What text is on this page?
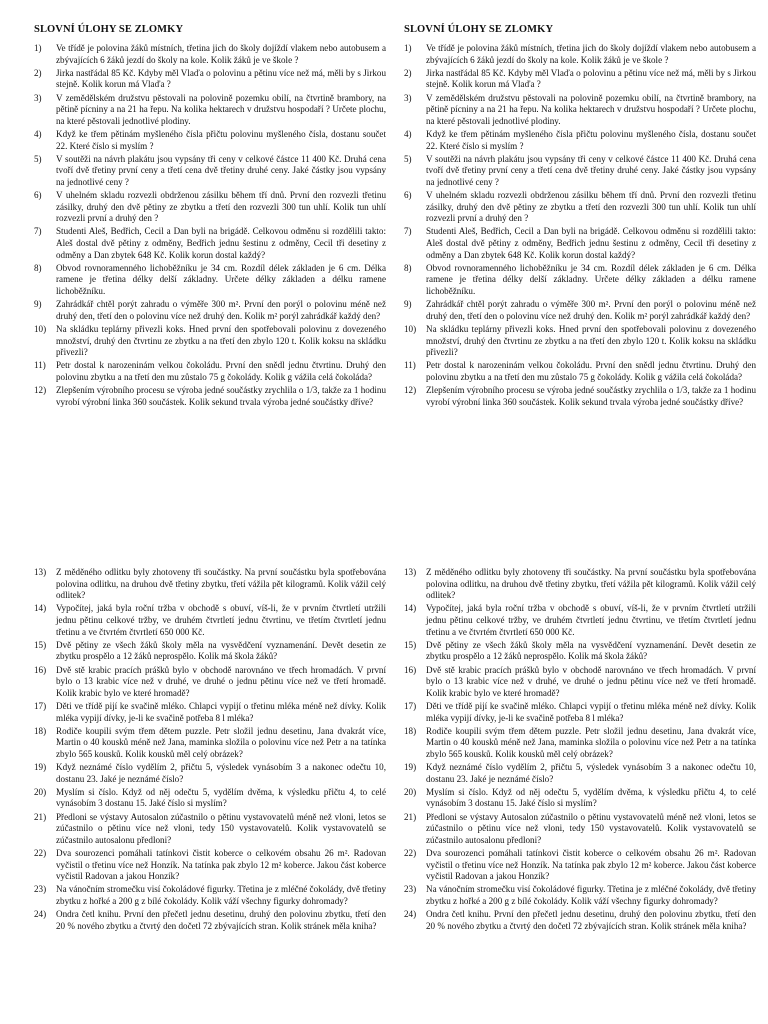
SLOVNÍ ÚLOHY SE ZLOMKY
1)	Ve třídě je polovina žáků místních, třetina jich do školy dojíždí vlakem nebo autobusem a zbývajících 6 žáků jezdí do školy na kole. Kolik žáků je ve škole ?
2)	Jirka nastřádal 85 Kč. Kdyby měl Vlaďa o polovinu a pětinu více než má, měli by s Jirkou stejně. Kolik korun má Vlaďa ?
3)	V zemědělském družstvu pěstovali na polovině pozemku obilí, na čtvrtině brambory, na pětině pícniny a na 21 ha řepu. Na kolika hektarech v družstvu hospodaří ? Určete plochu, na které pěstovali jednotlivé plodiny.
4)	Když ke třem pětinám myšleného čísla přičtu polovinu myšleného čísla, dostanu součet 22. Které číslo si myslím ?
5)	V soutěži na návrh plakátu jsou vypsány tři ceny v celkové částce 11 400 Kč. Druhá cena tvoří dvě třetiny první ceny a třetí cena dvě třetiny druhé ceny. Jaké částky jsou vypsány na jednotlivé ceny ?
6)	V uhelném skladu rozvezli obdrženou zásilku během tří dnů. První den rozvezli třetinu zásilky, druhý den dvě pětiny ze zbytku a třetí den rozvezli 300 tun uhlí. Kolik tun uhlí rozvezli první a druhý den ?
7)	Studenti Aleš, Bedřich, Cecil a Dan byli na brigádě. Celkovou odměnu si rozdělili takto: Aleš dostal dvě pětiny z odměny, Bedřich jednu šestinu z odměny, Cecil tři desetiny z odměny a Dan zbytek 648 Kč. Kolik korun dostal každý?
8)	Obvod rovnoramenného lichoběžníku je 34 cm. Rozdíl délek základen je 6 cm. Délka ramene je třetina délky delší základny. Určete délky základen a délku ramene lichoběžníku.
9)	Zahrádkář chtěl porýt zahradu o výměře 300 m². První den porýl o polovinu méně než druhý den, třetí den o polovinu více než druhý den. Kolik m² porýl zahrádkář každý den?
10)	Na skládku teplárny přivezli koks. Hned první den spotřebovali polovinu z dovezeného množství, druhý den čtvrtinu ze zbytku a na třetí den zbylo 120 t. Kolik koksu na skládku přivezli?
11)	Petr dostal k narozeninám velkou čokoládu. První den snědl jednu čtvrtinu. Druhý den polovinu zbytku a na třetí den mu zůstalo 75 g čokolády. Kolik g vážila celá čokoláda?
12)	Zlepšením výrobního procesu se výroba jedné součástky zrychlila o 1/3, takže za 1 hodinu vyrobí výrobní linka 360 součástek. Kolik sekund trvala výroba jedné součástky dříve?
SLOVNÍ ÚLOHY SE ZLOMKY
1)	Ve třídě je polovina žáků místních, třetina jich do školy dojíždí vlakem nebo autobusem a zbývajících 6 žáků jezdí do školy na kole. Kolik žáků je ve škole ?
2)	Jirka nastřádal 85 Kč. Kdyby měl Vlaďa o polovinu a pětinu více než má, měli by s Jirkou stejně. Kolik korun má Vlaďa ?
3)	V zemědělském družstvu pěstovali na polovině pozemku obilí, na čtvrtině brambory, na pětině pícniny a na 21 ha řepu. Na kolika hektarech v družstvu hospodaří ? Určete plochu, na které pěstovali jednotlivé plodiny.
4)	Když ke třem pětinám myšleného čísla přičtu polovinu myšleného čísla, dostanu součet 22. Které číslo si myslím ?
5)	V soutěži na návrh plakátu jsou vypsány tři ceny v celkové částce 11 400 Kč. Druhá cena tvoří dvě třetiny první ceny a třetí cena dvě třetiny druhé ceny. Jaké částky jsou vypsány na jednotlivé ceny ?
6)	V uhelném skladu rozvezli obdrženou zásilku během tří dnů. První den rozvezli třetinu zásilky, druhý den dvě pětiny ze zbytku a třetí den rozvezli 300 tun uhlí. Kolik tun uhlí rozvezli první a druhý den ?
7)	Studenti Aleš, Bedřich, Cecil a Dan byli na brigádě. Celkovou odměnu si rozdělili takto: Aleš dostal dvě pětiny z odměny, Bedřich jednu šestinu z odměny, Cecil tři desetiny z odměny a Dan zbytek 648 Kč. Kolik korun dostal každý?
8)	Obvod rovnoramenného lichoběžníku je 34 cm. Rozdíl délek základen je 6 cm. Délka ramene je třetina délky delší základny. Určete délky základen a délku ramene lichoběžníku.
9)	Zahrádkář chtěl porýt zahradu o výměře 300 m². První den porýl o polovinu méně než druhý den, třetí den o polovinu více než druhý den. Kolik m² porýl zahrádkář každý den?
10)	Na skládku teplárny přivezli koks. Hned první den spotřebovali polovinu z dovezeného množství, druhý den čtvrtinu ze zbytku a na třetí den zbylo 120 t. Kolik koksu na skládku přivezli?
11)	Petr dostal k narozeninám velkou čokoládu. První den snědl jednu čtvrtinu. Druhý den polovinu zbytku a na třetí den mu zůstalo 75 g čokolády. Kolik g vážila celá čokoláda?
12)	Zlepšením výrobního procesu se výroba jedné součástky zrychlila o 1/3, takže za 1 hodinu vyrobí výrobní linka 360 součástek. Kolik sekund trvala výroba jedné součástky dříve?
13)	Z měděného odlitku byly zhotoveny tři součástky. Na první součástku byla spotřebována polovina odlitku, na druhou dvě třetiny zbytku, třetí vážila pět kilogramů. Kolik vážil celý odlitek?
14)	Vypočítej, jaká byla roční tržba v obchodě s obuví, víš-li, že v prvním čtvrtletí utržili jednu pětinu celkové tržby, ve druhém čtvrtletí jednu čtvrtinu, ve třetím čtvrtletí jednu třetinu a ve čtvrtém čtvrtletí 650 000 Kč.
15)	Dvě pětiny ze všech žáků školy měla na vysvědčení vyznamenání. Devět desetin ze zbytku prospělo a 12 žáků neprospělo. Kolik má škola žáků?
16)	Dvě stě krabic pracích prášků bylo v obchodě narovnáno ve třech hromadách. V první bylo o 13 krabic více než v druhé, ve druhé o jednu pětinu více než ve třetí hromadě. Kolik krabic bylo ve které hromadě?
17)	Děti ve třídě pijí ke svačině mléko. Chlapci vypijí o třetinu mléka méně než dívky. Kolik mléka vypijí dívky, je-li ke svačině potřeba 8 l mléka?
18)	Rodiče koupili svým třem dětem puzzle. Petr složil jednu desetinu, Jana dvakrát více, Martin o 40 kousků méně než Jana, maminka složila o polovinu více než Petr a na tatínka zbylo 565 kousků. Kolik kousků měl celý obrázek?
19)	Když neznámé číslo vydělím 2, přičtu 5, výsledek vynásobím 3 a nakonec odečtu 10, dostanu 23. Jaké je neznámé číslo?
20)	Myslím si číslo. Když od něj odečtu 5, vydělím dvěma, k výsledku přičtu 4, to celé vynásobím 3 dostanu 15. Jaké číslo si myslím?
21)	Předloni se výstavy Autosalon zúčastnilo o pětinu vystavovatelů méně než vloni, letos se zúčastnilo o pětinu více než vloni, tedy 150 vystavovatelů. Kolik vystavovatelů se zúčastnilo autosalonu předloni?
22)	Dva sourozenci pomáhali tatínkovi čistit koberce o celkovém obsahu 26 m². Radovan vyčistil o třetinu více než Honzík. Na tatínka pak zbylo 12 m² koberce. Jakou část koberce vyčistil Radovan a jakou Honzík?
23)	Na vánočním stromečku visí čokoládové figurky. Třetina je z mléčné čokolády, dvě třetiny zbytku z hořké a 200 g z bílé čokolády. Kolik váží všechny figurky dohromady?
24)	Ondra četl knihu. První den přečetl jednu desetinu, druhý den polovinu zbytku, třetí den 20 % nového zbytku a čtvrtý den dočetl 72 zbývajících stran. Kolik stránek měla kniha?
13)	Z měděného odlitku byly zhotoveny tři součástky. Na první součástku byla spotřebována polovina odlitku, na druhou dvě třetiny zbytku, třetí vážila pět kilogramů. Kolik vážil celý odlitek?
14)	Vypočítej, jaká byla roční tržba v obchodě s obuví, víš-li, že v prvním čtvrtletí utržili jednu pětinu celkové tržby, ve druhém čtvrtletí jednu čtvrtinu, ve třetím čtvrtletí jednu třetinu a ve čtvrtém čtvrtletí 650 000 Kč.
15)	Dvě pětiny ze všech žáků školy měla na vysvědčení vyznamenání. Devět desetin ze zbytku prospělo a 12 žáků neprospělo. Kolik má škola žáků?
16)	Dvě stě krabic pracích prášků bylo v obchodě narovnáno ve třech hromadách. V první bylo o 13 krabic více než v druhé, ve druhé o jednu pětinu více než ve třetí hromadě. Kolik krabic bylo ve které hromadě?
17)	Děti ve třídě pijí ke svačině mléko. Chlapci vypijí o třetinu mléka méně než dívky. Kolik mléka vypijí dívky, je-li ke svačině potřeba 8 l mléka?
18)	Rodiče koupili svým třem dětem puzzle. Petr složil jednu desetinu, Jana dvakrát více, Martin o 40 kousků méně než Jana, maminka složila o polovinu více než Petr a na tatínka zbylo 565 kousků. Kolik kousků měl celý obrázek?
19)	Když neznámé číslo vydělím 2, přičtu 5, výsledek vynásobím 3 a nakonec odečtu 10, dostanu 23. Jaké je neznámé číslo?
20)	Myslím si číslo. Když od něj odečtu 5, vydělím dvěma, k výsledku přičtu 4, to celé vynásobím 3 dostanu 15. Jaké číslo si myslím?
21)	Předloni se výstavy Autosalon zúčastnilo o pětinu vystavovatelů méně než vloni, letos se zúčastnilo o pětinu více než vloni, tedy 150 vystavovatelů. Kolik vystavovatelů se zúčastnilo autosalonu předloni?
22)	Dva sourozenci pomáhali tatínkovi čistit koberce o celkovém obsahu 26 m². Radovan vyčistil o třetinu více než Honzík. Na tatínka pak zbylo 12 m² koberce. Jakou část koberce vyčistil Radovan a jakou Honzík?
23)	Na vánočním stromečku visí čokoládové figurky. Třetina je z mléčné čokolády, dvě třetiny zbytku z hořké a 200 g z bílé čokolády. Kolik váží všechny figurky dohromady?
24)	Ondra četl knihu. První den přečetl jednu desetinu, druhý den polovinu zbytku, třetí den 20 % nového zbytku a čtvrtý den dočetl 72 zbývajících stran. Kolik stránek měla kniha?
